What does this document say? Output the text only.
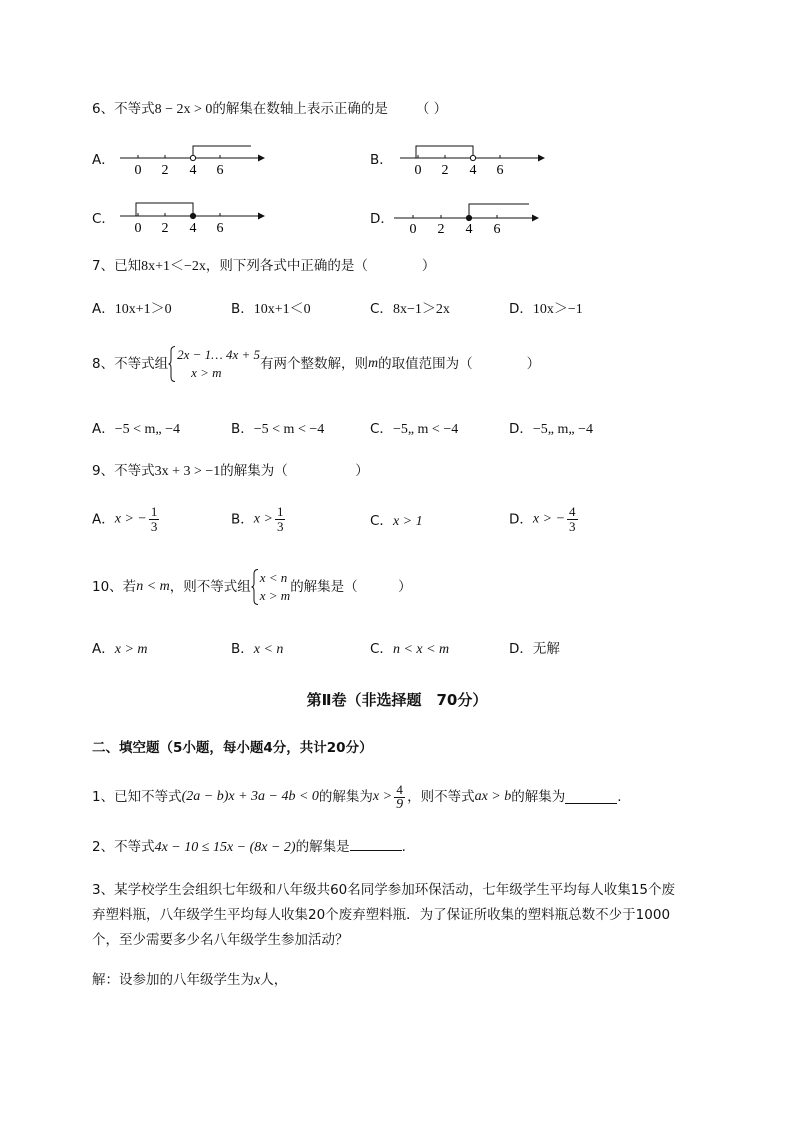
6、不等式8 − 2x > 0的解集在数轴上表示正确的是 （ ）
A．
0 2 4 6
B．
0 2 4 6
C．
0 2 4 6
D．
0 2 4 6
7、已知8x+1＜−2x，则下列各式中正确的是（　　　　）
A．10x+1＞0	B．10x+1＜0	C．8x−1＞2x	D．10x＞−1
8、不等式组
2x − 1… 4x + 5
x > m
有两个整数解，则m的取值范围为（　　　　）
A．−5 < m„ −4	B．−5 < m < −4	C．−5„ m < −4	D．−5„ m„ −4
9、不等式3x + 3 > −1的解集为（　　　　　）
A．x > − $\frac{1}{3}$	B．$x > \frac{1}{3}$	C．x > 1	D．x > − $\frac{4}{3}$
10、若n < m，则不等式组
x < n
x > m
的解集是（　　　）
A．x > m	B．x < n	C．n < x < m	D．无解
第Ⅱ卷（非选择题　70分）
二、填空题（5小题，每小题4分，共计20分）
1、已知不等式(2a − b)x + 3a − 4b < 0的解集为$x > \frac{4}{9}$ ，则不等式ax > b的解集为	.
2、不等式4x − 10 ≤ 15x − (8x − 2)的解集是	.
3、某学校学生会组织七年级和八年级共60名同学参加环保活动，七年级学生平均每人收集15个废
弃塑料瓶，八年级学生平均每人收集20个废弃塑料瓶．为了保证所收集的塑料瓶总数不少于1000
个，至少需要多少名八年级学生参加活动？
解：设参加的八年级学生为x人，
